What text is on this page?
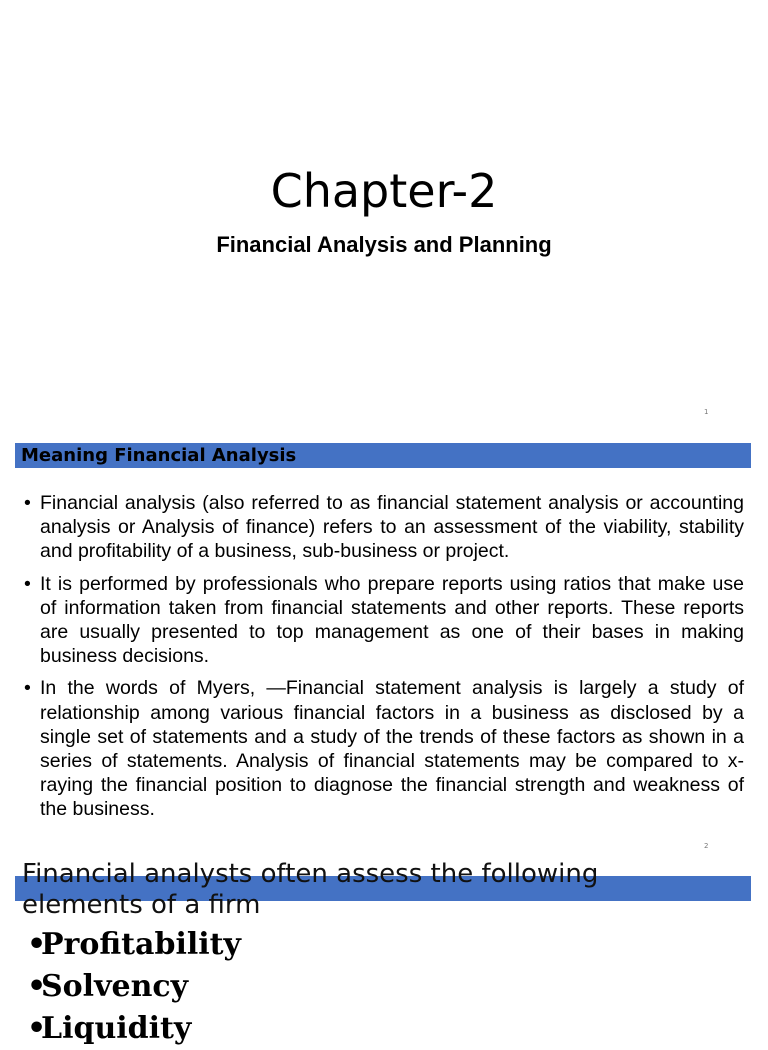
Chapter-2
Financial Analysis and Planning
1
Meaning Financial Analysis
• Financial analysis (also referred to as financial statement analysis or accounting analysis or Analysis of finance) refers to an assessment of the viability, stability and profitability of a business, sub-business or project.
• It is performed by professionals who prepare reports using ratios that make use of information taken from financial statements and other reports. These reports are usually presented to top management as one of their bases in making business decisions.
• In the words of Myers, ―Financial statement analysis is largely a study of relationship among various financial factors in a business as disclosed by a single set of statements and a study of the trends of these factors as shown in a series of statements. Analysis of financial statements may be compared to x-raying the financial position to diagnose the financial strength and weakness of the business.
2
Financial analysts often assess the following elements of a firm
•Profitability
•Solvency
•Liquidity
